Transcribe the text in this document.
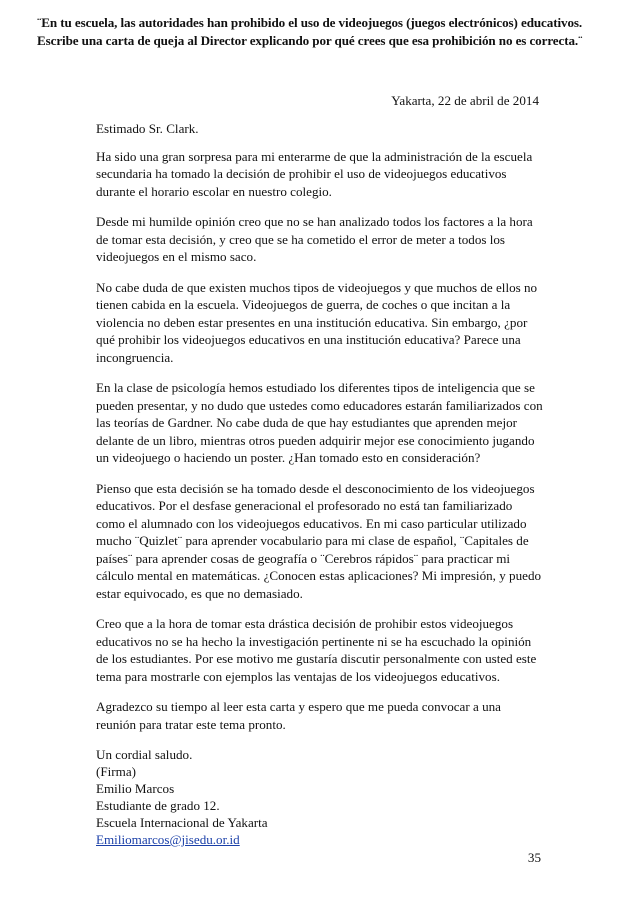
¨En tu escuela, las autoridades han prohibido el uso de videojuegos (juegos electrónicos) educativos. Escribe una carta de queja al Director explicando por qué crees que esa prohibición no es correcta.¨

Yakarta, 22 de abril de 2014

Estimado Sr. Clark.

Ha sido una gran sorpresa para mi enterarme de que la administración de la escuela secundaria ha tomado la decisión de prohibir el uso de videojuegos educativos durante el horario escolar en nuestro colegio.

Desde mi humilde opinión creo que no se han analizado todos los factores a la hora de tomar esta decisión, y creo que se ha cometido el error de meter a todos los videojuegos en el mismo saco.

No cabe duda de que existen muchos tipos de videojuegos y que muchos de ellos no tienen cabida en la escuela. Videojuegos de guerra, de coches o que incitan a la violencia no deben estar presentes en una institución educativa. Sin embargo, ¿por qué prohibir los videojuegos educativos en una institución educativa? Parece una incongruencia.

En la clase de psicología hemos estudiado los diferentes tipos de inteligencia que se pueden presentar, y no dudo que ustedes como educadores estarán familiarizados con las teorías de Gardner. No cabe duda de que hay estudiantes que aprenden mejor delante de un libro, mientras otros pueden adquirir mejor ese conocimiento jugando un videojuego o haciendo un poster. ¿Han tomado esto en consideración?

Pienso que esta decisión se ha tomado desde el desconocimiento de los videojuegos educativos. Por el desfase generacional el profesorado no está tan familiarizado como el alumnado con los videojuegos educativos. En mi caso particular utilizado mucho ¨Quizlet¨ para aprender vocabulario para mi clase de español, ¨Capitales de países¨ para aprender cosas de geografía o ¨Cerebros rápidos¨ para practicar mi cálculo mental en matemáticas. ¿Conocen estas aplicaciones? Mi impresión, y puedo estar equivocado, es que no demasiado.

Creo que a la hora de tomar esta drástica decisión de prohibir estos videojuegos educativos no se ha hecho la investigación pertinente ni se ha escuchado la opinión de los estudiantes. Por ese motivo me gustaría discutir personalmente con usted este tema para mostrarle con ejemplos las ventajas de los videojuegos educativos.

Agradezco su tiempo al leer esta carta y espero que me pueda convocar a una reunión para tratar este tema pronto.

Un cordial saludo.
(Firma)
Emilio Marcos
Estudiante de grado 12.
Escuela Internacional de Yakarta
Emiliomarcos@jisedu.or.id

35
